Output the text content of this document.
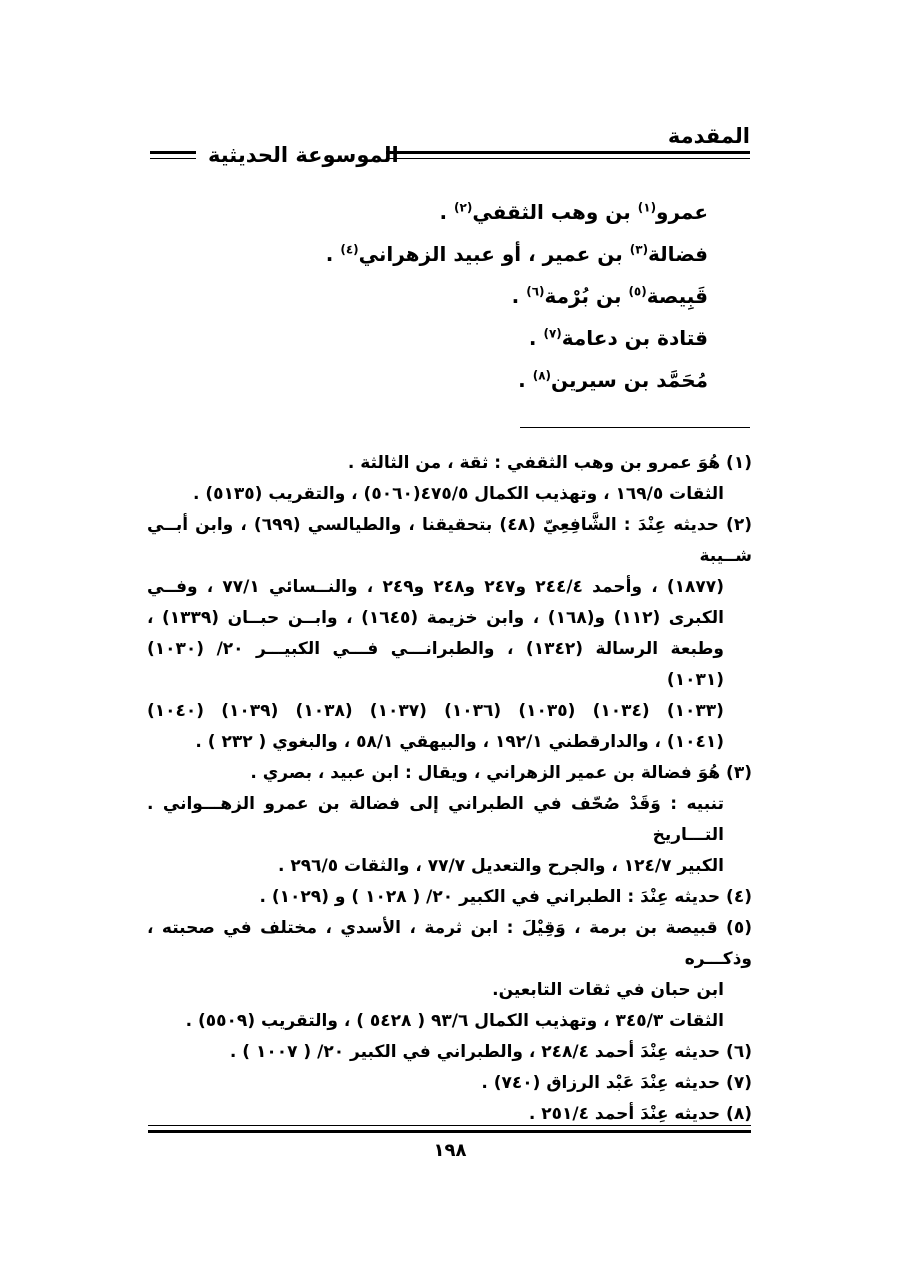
المقدمة
الموسوعة الحديثية
عمرو$^{(١)}$ بن وهب الثقفي$^{(٢)}$ .
فضالة$^{(٣)}$ بن عمير ، أو عبيد الزهراني$^{(٤)}$ .
قَبِيصة$^{(٥)}$ بن بُرْمة$^{(٦)}$ .
قتادة بن دعامة$^{(٧)}$ .
مُحَمَّد بن سيرين$^{(٨)}$ .
(١) هُوَ عمرو بن وهب الثقفي : ثقة ، من الثالثة .
الثقات ١٦٩/٥ ، وتهذيب الكمال ٤٧٥/٥(٥٠٦٠) ، والتقريب (٥١٣٥) .
(٢) حديثه عِنْدَ : الشَّافِعِيّ (٤٨) بتحقيقنا ، والطيالسي (٦٩٩) ، وابن أبــي شــيبة
(١٨٧٧) ، وأحمد ٢٤٤/٤ و٢٤٧ و٢٤٨ و٢٤٩ ، والنــسائي ٧٧/١ ، وفــي
الكبرى (١١٢) و(١٦٨) ، وابن خزيمة (١٦٤٥) ، وابــن حبــان (١٣٣٩) ،
وطبعة الرسالة (١٣٤٢) ، والطبرانـــي فـــي الكبيـــر ٢٠/ (١٠٣٠) (١٠٣١)
(١٠٣٣) (١٠٣٤) (١٠٣٥) (١٠٣٦) (١٠٣٧) (١٠٣٨) (١٠٣٩) (١٠٤٠)
(١٠٤١) ، والدارقطني ١٩٢/١ ، والبيهقي ٥٨/١ ، والبغوي ( ٢٣٢ ) .
(٣) هُوَ فضالة بن عمير الزهراني ، ويقال : ابن عبيد ، بصري .
تنبيه : وَقَدْ صُحّف في الطبراني إلى فضالة بن عمرو الزهـــواني . التـــاريخ
الكبير ١٢٤/٧ ، والجرح والتعديل ٧٧/٧ ، والثقات ٢٩٦/٥ .
(٤) حديثه عِنْدَ : الطبراني في الكبير ٢٠/ ( ١٠٢٨ ) و (١٠٢٩) .
(٥) قبيصة بن برمة ، وَقِيْلَ : ابن ثرمة ، الأسدي ، مختلف في صحبته ، وذكـــره
ابن حبان في ثقات التابعين.
الثقات ٣٤٥/٣ ، وتهذيب الكمال ٩٣/٦ ( ٥٤٢٨ ) ، والتقريب (٥٥٠٩) .
(٦) حديثه عِنْدَ أحمد ٢٤٨/٤ ، والطبراني في الكبير ٢٠/ ( ١٠٠٧ ) .
(٧) حديثه عِنْدَ عَبْد الرزاق (٧٤٠) .
(٨) حديثه عِنْدَ أحمد ٢٥١/٤ .
١٩٨
